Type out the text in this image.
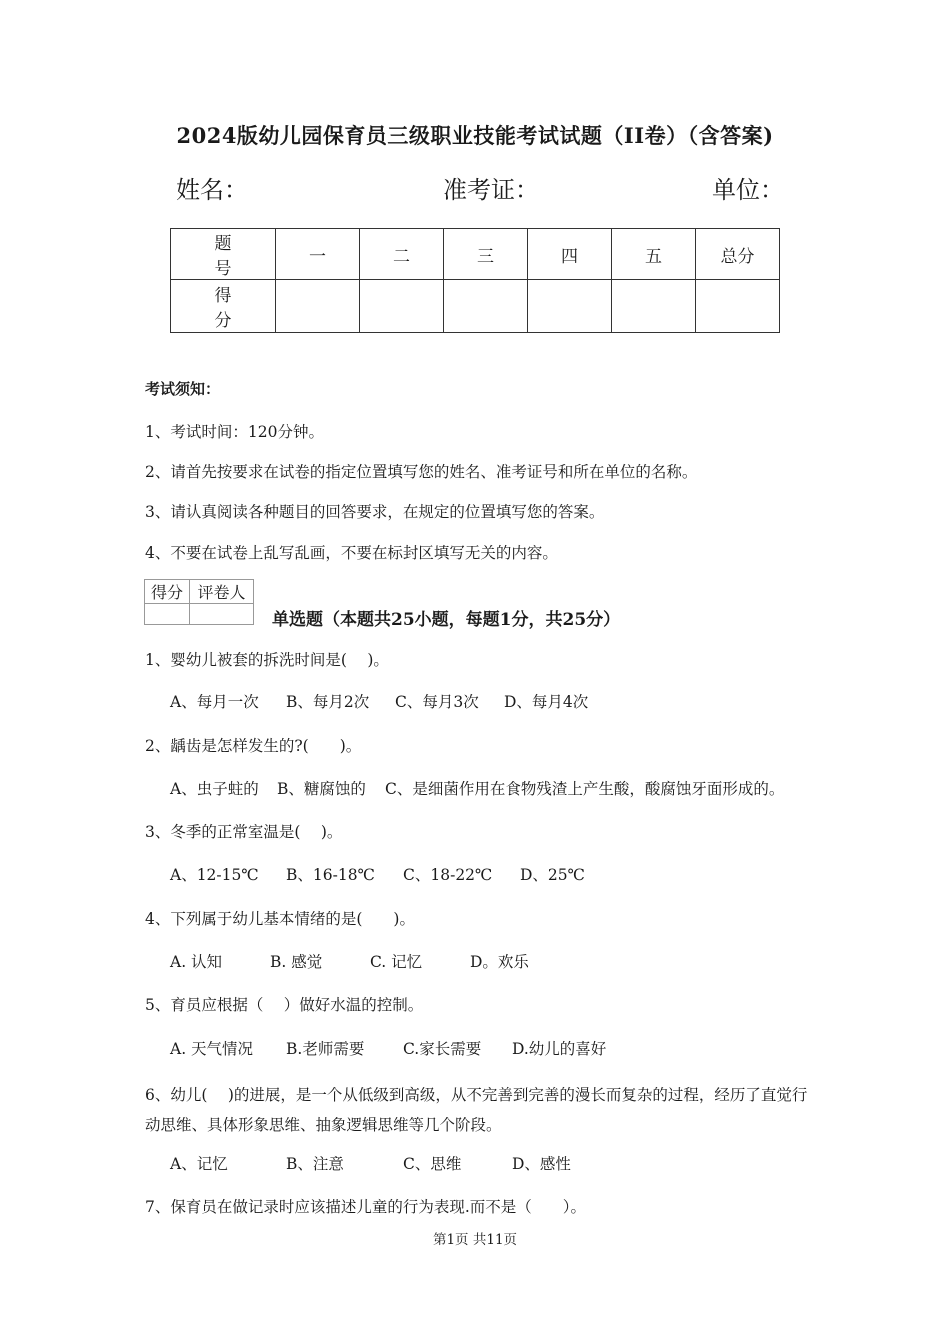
2024版幼儿园保育员三级职业技能考试试题（II卷）（含答案)
姓名：	准考证：	单位：
题　号	一	二	三	四	五	总分
得　分						
考试须知：
1、考试时间：120分钟。
2、请首先按要求在试卷的指定位置填写您的姓名、准考证号和所在单位的名称。
3、请认真阅读各种题目的回答要求，在规定的位置填写您的答案。
4、不要在试卷上乱写乱画，不要在标封区填写无关的内容。
得分	评卷人

单选题（本题共25小题，每题1分，共25分）
1、婴幼儿被套的拆洗时间是(　 )。
A、每月一次 B、每月2次 C、每月3次 D、每月4次
2、龋齿是怎样发生的?(　　)。
A、虫子蛀的 B、糖腐蚀的 C、是细菌作用在食物残渣上产生酸，酸腐蚀牙面形成的。
3、冬季的正常室温是(　 )。
A、12-15℃ B、16-18℃ C、18-22℃ D、25℃
4、下列属于幼儿基本情绪的是(　　)。
A. 认知	B. 感觉	C. 记忆	D。欢乐
5、育员应根据（　 ）做好水温的控制。
A. 天气情况 B.老师需要 C.家长需要 D.幼儿的喜好
6、幼儿(　 )的进展，是一个从低级到高级，从不完善到完善的漫长而复杂的过程，经历了直觉行动思维、具体形象思维、抽象逻辑思维等几个阶段。
A、记忆	B、注意	C、思维	D、感性
7、保育员在做记录时应该描述儿童的行为表现.而不是（　　）。
第1页 共11页
